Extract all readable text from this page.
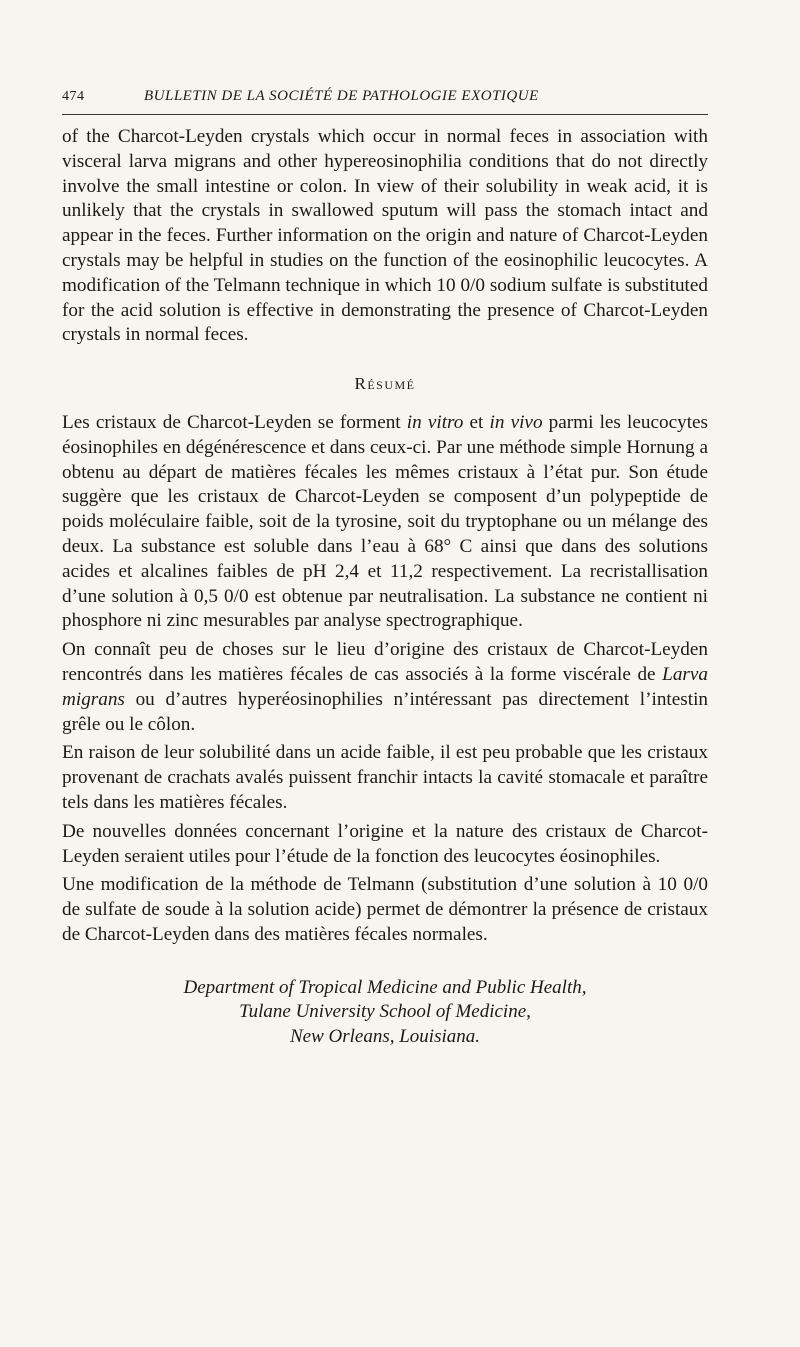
474	BULLETIN DE LA SOCIÉTÉ DE PATHOLOGIE EXOTIQUE

of the Charcot-Leyden crystals which occur in normal feces in association with visceral larva migrans and other hypereosinophilia conditions that do not directly involve the small intestine or colon. In view of their solubility in weak acid, it is unlikely that the crystals in swallowed sputum will pass the stomach intact and appear in the feces. Further information on the origin and nature of Charcot-Leyden crystals may be helpful in studies on the function of the eosinophilic leucocytes. A modification of the Telmann technique in which 10 0/0 sodium sulfate is substituted for the acid solution is effective in demonstrating the presence of Charcot-Leyden crystals in normal feces.

Résumé

Les cristaux de Charcot-Leyden se forment in vitro et in vivo parmi les leucocytes éosinophiles en dégénérescence et dans ceux-ci. Par une méthode simple Hornung a obtenu au départ de matières fécales les mêmes cristaux à l’état pur. Son étude suggère que les cristaux de Charcot-Leyden se composent d’un polypeptide de poids moléculaire faible, soit de la tyrosine, soit du tryptophane ou un mélange des deux. La substance est soluble dans l’eau à 68° C ainsi que dans des solutions acides et alcalines faibles de pH 2,4 et 11,2 respectivement. La recristallisation d’une solution à 0,5 0/0 est obtenue par neutralisation. La substance ne contient ni phosphore ni zinc mesurables par analyse spectrographique.

On connaît peu de choses sur le lieu d’origine des cristaux de Charcot-Leyden rencontrés dans les matières fécales de cas associés à la forme viscérale de Larva migrans ou d’autres hyperéosinophilies n’intéressant pas directement l’intestin grêle ou le côlon.

En raison de leur solubilité dans un acide faible, il est peu probable que les cristaux provenant de crachats avalés puissent franchir intacts la cavité stomacale et paraître tels dans les matières fécales.

De nouvelles données concernant l’origine et la nature des cristaux de Charcot-Leyden seraient utiles pour l’étude de la fonction des leucocytes éosinophiles.

Une modification de la méthode de Telmann (substitution d’une solution à 10 0/0 de sulfate de soude à la solution acide) permet de démontrer la présence de cristaux de Charcot-Leyden dans des matières fécales normales.

Department of Tropical Medicine and Public Health,
Tulane University School of Medicine,
New Orleans, Louisiana.
